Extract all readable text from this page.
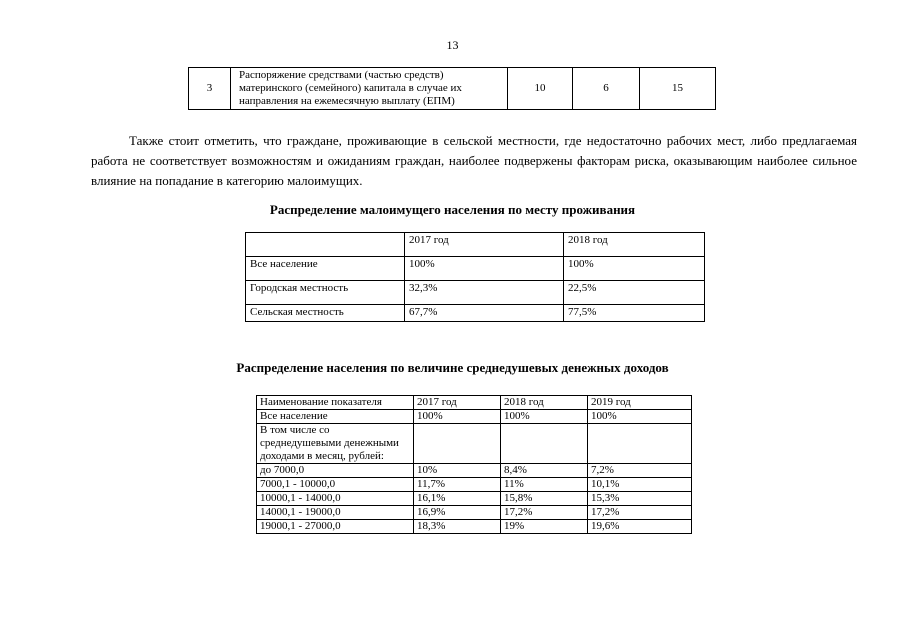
13
3	Распоряжение средствами (частью средств)
материнского (семейного) капитала в случае их
направления на ежемесячную выплату (ЕПМ)	10	6	15

Также стоит отметить, что граждане, проживающие в сельской местности, где недостаточно рабочих мест, либо предлагаемая работа не соответствует возможностям и ожиданиям граждан, наиболее подвержены факторам риска, оказывающим наиболее сильное влияние на попадание в категорию малоимущих.

Распределение малоимущего населения по месту проживания
	2017 год	2018 год
Все население	100%	100%
Городская местность	32,3%	22,5%
Сельская местность	67,7%	77,5%
Распределение населения по величине среднедушевых денежных доходов
Наименование показателя	2017 год	2018 год	2019 год
Все население	100%	100%	100%
В том числе со среднедушевыми денежными доходами в месяц, рублей:			
до 7000,0	10%	8,4%	7,2%
7000,1 - 10000,0	11,7%	11%	10,1%
10000,1 - 14000,0	16,1%	15,8%	15,3%
14000,1 - 19000,0	16,9%	17,2%	17,2%
19000,1 - 27000,0	18,3%	19%	19,6%
